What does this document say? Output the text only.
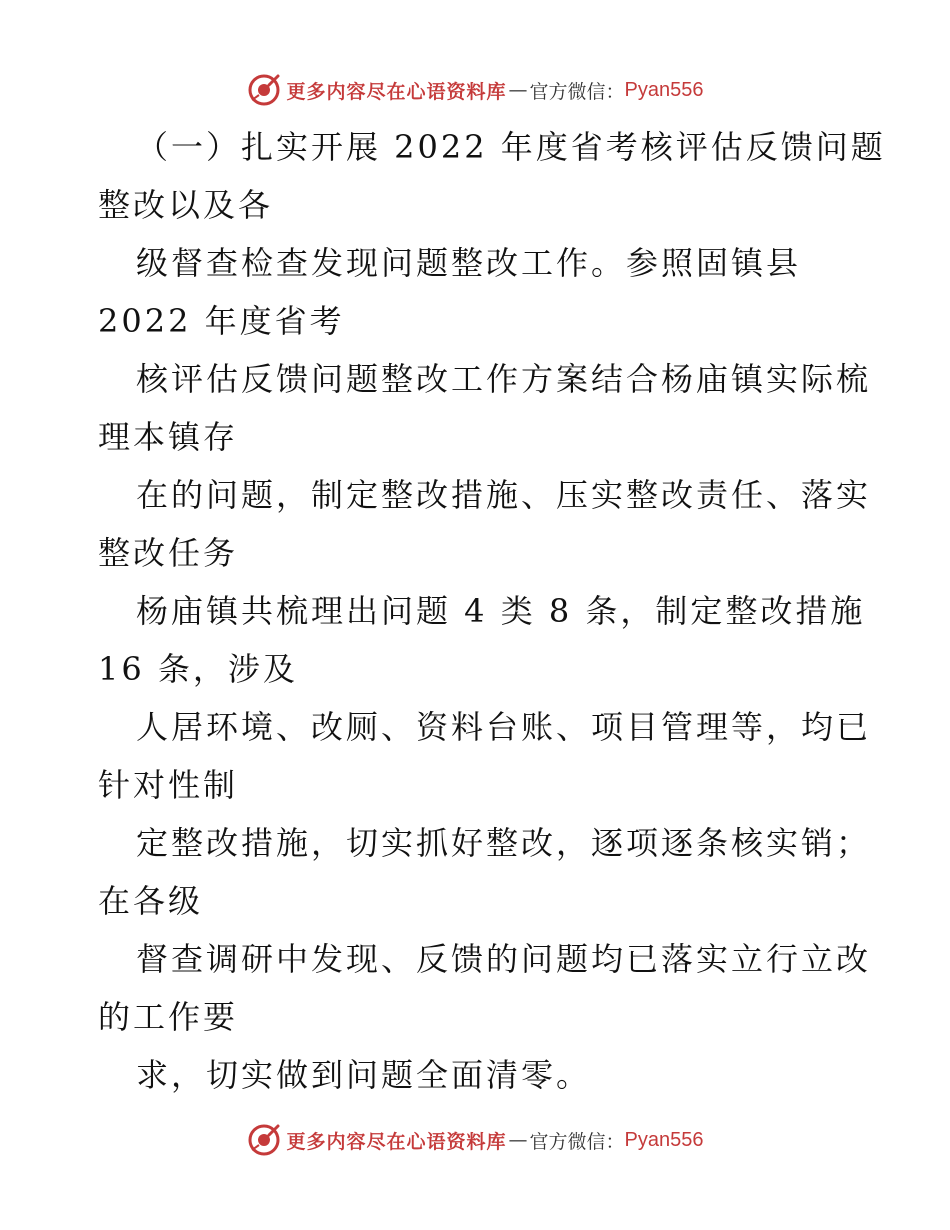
更多内容尽在心语资料库 — 官方微信： Pyan556
（一）扎实开展 2022 年度省考核评估反馈问题
整改以及各
级督查检查发现问题整改工作。参照固镇县
2022 年度省考
核评估反馈问题整改工作方案结合杨庙镇实际梳
理本镇存
在的问题，制定整改措施、压实整改责任、落实
整改任务
杨庙镇共梳理出问题 4 类 8 条，制定整改措施
16 条，涉及
人居环境、改厕、资料台账、项目管理等，均已
针对性制
定整改措施，切实抓好整改，逐项逐条核实销；
在各级
督查调研中发现、反馈的问题均已落实立行立改
的工作要
求，切实做到问题全面清零。
更多内容尽在心语资料库 — 官方微信： Pyan556
